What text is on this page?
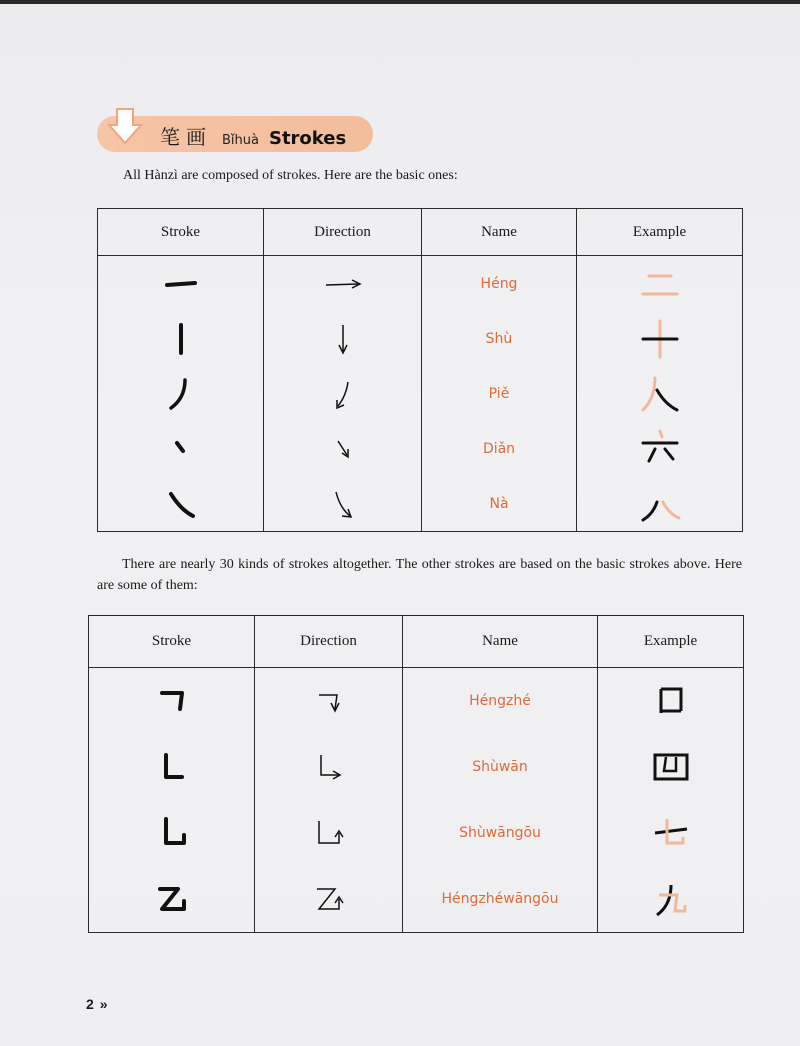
笔画 Bǐhuà Strokes
All Hànzì are composed of strokes. Here are the basic ones:
Stroke	Direction	Name	Example

	Héng	

	Shù	

	Piě	

	Diǎn	

	Nà	
There are nearly 30 kinds of strokes altogether. The other strokes are based on the basic strokes above. Here are some of them:
Stroke	Direction	Name	Example

	Héngzhé	

	Shùwān	

	Shùwāngōu	

	Héngzhéwāngōu	
2 »
